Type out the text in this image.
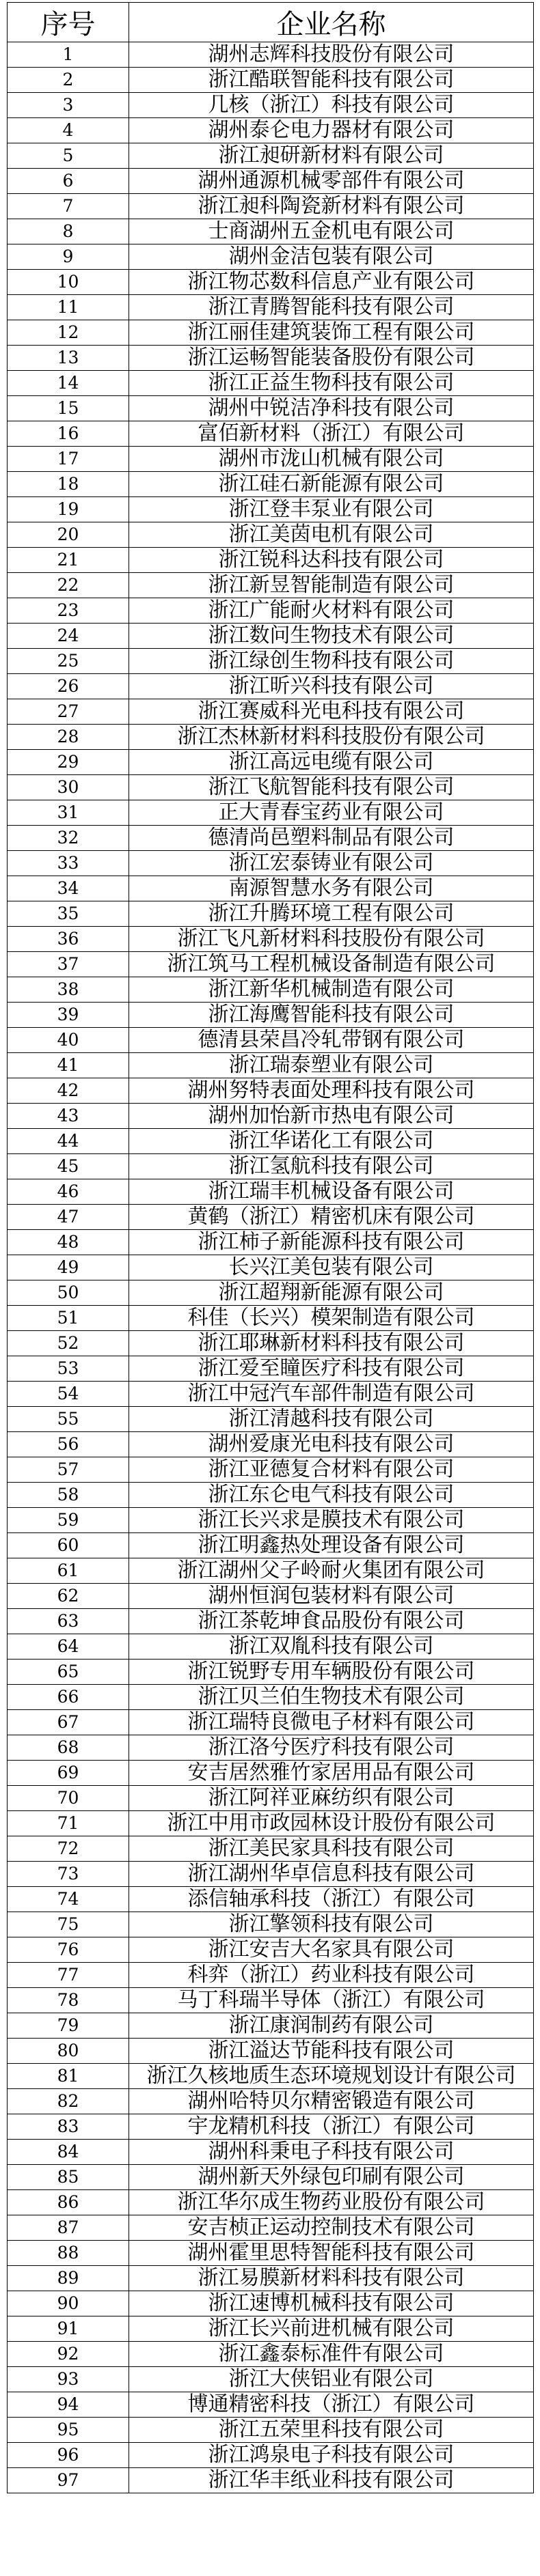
序号	企业名称
1	湖州志辉科技股份有限公司
2	浙江酷联智能科技有限公司
3	几核（浙江）科技有限公司
4	湖州泰仑电力器材有限公司
5	浙江昶研新材料有限公司
6	湖州通源机械零部件有限公司
7	浙江昶科陶瓷新材料有限公司
8	士商湖州五金机电有限公司
9	湖州金洁包装有限公司
10	浙江物芯数科信息产业有限公司
11	浙江青腾智能科技有限公司
12	浙江丽佳建筑装饰工程有限公司
13	浙江运畅智能装备股份有限公司
14	浙江正益生物科技有限公司
15	湖州中锐洁净科技有限公司
16	富佰新材料（浙江）有限公司
17	湖州市泷山机械有限公司
18	浙江硅石新能源有限公司
19	浙江登丰泵业有限公司
20	浙江美茵电机有限公司
21	浙江锐科达科技有限公司
22	浙江新昱智能制造有限公司
23	浙江广能耐火材料有限公司
24	浙江数问生物技术有限公司
25	浙江绿创生物科技有限公司
26	浙江昕兴科技有限公司
27	浙江赛威科光电科技有限公司
28	浙江杰林新材料科技股份有限公司
29	浙江高远电缆有限公司
30	浙江飞航智能科技有限公司
31	正大青春宝药业有限公司
32	德清尚邑塑料制品有限公司
33	浙江宏泰铸业有限公司
34	南源智慧水务有限公司
35	浙江升腾环境工程有限公司
36	浙江飞凡新材料科技股份有限公司
37	浙江筑马工程机械设备制造有限公司
38	浙江新华机械制造有限公司
39	浙江海鹰智能科技有限公司
40	德清县荣昌冷轧带钢有限公司
41	浙江瑞泰塑业有限公司
42	湖州努特表面处理科技有限公司
43	湖州加怡新市热电有限公司
44	浙江华诺化工有限公司
45	浙江氢航科技有限公司
46	浙江瑞丰机械设备有限公司
47	黄鹤（浙江）精密机床有限公司
48	浙江柿子新能源科技有限公司
49	长兴江美包装有限公司
50	浙江超翔新能源有限公司
51	科佳（长兴）模架制造有限公司
52	浙江耶琳新材料科技有限公司
53	浙江爱至瞳医疗科技有限公司
54	浙江中冠汽车部件制造有限公司
55	浙江清越科技有限公司
56	湖州爱康光电科技有限公司
57	浙江亚德复合材料有限公司
58	浙江东仑电气科技有限公司
59	浙江长兴求是膜技术有限公司
60	浙江明鑫热处理设备有限公司
61	浙江湖州父子岭耐火集团有限公司
62	湖州恒润包装材料有限公司
63	浙江茶乾坤食品股份有限公司
64	浙江双胤科技有限公司
65	浙江锐野专用车辆股份有限公司
66	浙江贝兰伯生物技术有限公司
67	浙江瑞特良微电子材料有限公司
68	浙江洛兮医疗科技有限公司
69	安吉居然雅竹家居用品有限公司
70	浙江阿祥亚麻纺织有限公司
71	浙江中用市政园林设计股份有限公司
72	浙江美民家具科技有限公司
73	浙江湖州华卓信息科技有限公司
74	添信轴承科技（浙江）有限公司
75	浙江擎领科技有限公司
76	浙江安吉大名家具有限公司
77	科弈（浙江）药业科技有限公司
78	马丁科瑞半导体（浙江）有限公司
79	浙江康润制药有限公司
80	浙江溢达节能科技有限公司
81	浙江久核地质生态环境规划设计有限公司
82	湖州哈特贝尔精密锻造有限公司
83	宇龙精机科技（浙江）有限公司
84	湖州科秉电子科技有限公司
85	湖州新天外绿包印刷有限公司
86	浙江华尔成生物药业股份有限公司
87	安吉桢正运动控制技术有限公司
88	湖州霍里思特智能科技有限公司
89	浙江易膜新材料科技有限公司
90	浙江速博机械科技有限公司
91	浙江长兴前进机械有限公司
92	浙江鑫泰标准件有限公司
93	浙江大侠铝业有限公司
94	博通精密科技（浙江）有限公司
95	浙江五荣里科技有限公司
96	浙江鸿泉电子科技有限公司
97	浙江华丰纸业科技有限公司
